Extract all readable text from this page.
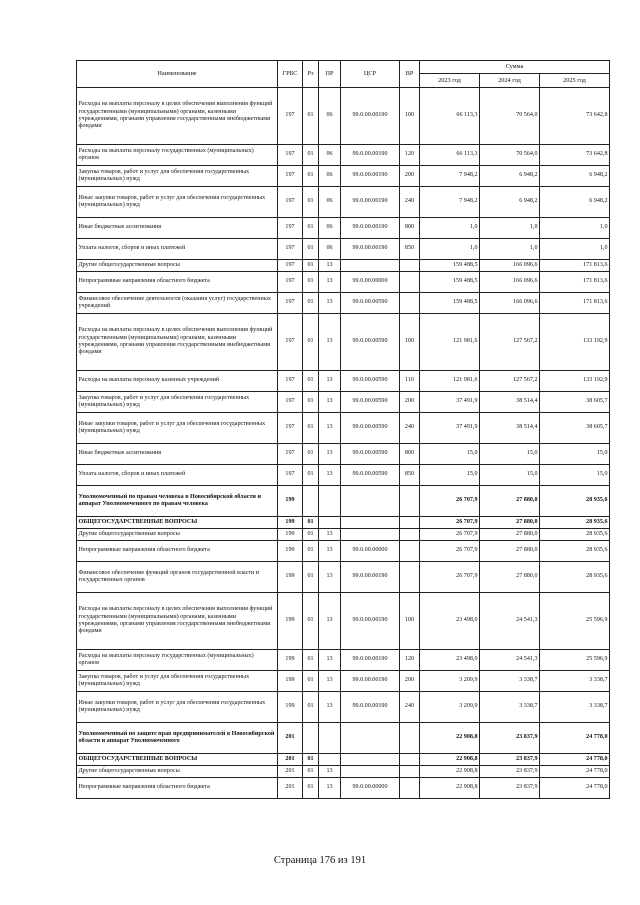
Наименование	ГРБС	Рз	ПР	ЦСР	ВР	Сумма		
						2023 год	2024 год	2025 год
Расходы на выплаты персоналу в целях обеспечения выполнения функций государственными (муниципальными) органами, казенными учреждениями, органами управления государственными внебюджетными фондами	197	01	06	99.0.00.00190	100	66 113,3	70 564,0	73 642,8
Расходы на выплаты персоналу государственных (муниципальных) органов	197	01	06	99.0.00.00190	120	66 113,3	70 564,0	73 642,8
Закупка товаров, работ и услуг для обеспечения государственных (муниципальных) нужд	197	01	06	99.0.00.00190	200	7 948,2	6 948,2	6 948,2
Иные закупки товаров, работ и услуг для обеспечения государственных (муниципальных) нужд	197	01	06	99.0.00.00190	240	7 948,2	6 948,2	6 948,2
Иные бюджетные ассигнования	197	01	06	99.0.00.00190	800	1,0	1,0	1,0
Уплата налогов, сборов и иных платежей	197	01	06	99.0.00.00190	850	1,0	1,0	1,0
Другие общегосударственные вопросы	197	01	13			159 488,5	166 096,6	171 813,6
Непрограммные направления областного бюджета	197	01	13	99.0.00.00000		159 488,5	166 096,6	171 813,6
Финансовое обеспечение деятельности (оказания услуг) государственных учреждений	197	01	13	99.0.00.00590		159 488,5	166 096,6	171 813,6
Расходы на выплаты персоналу в целях обеспечения выполнения функций государственными (муниципальными) органами, казенными учреждениями, органами управления государственными внебюджетными фондами	197	01	13	99.0.00.00590	100	121 981,6	127 567,2	133 192,9
Расходы на выплаты персоналу казенных учреждений	197	01	13	99.0.00.00590	110	121 981,6	127 567,2	133 192,9
Закупка товаров, работ и услуг для обеспечения государственных (муниципальных) нужд	197	01	13	99.0.00.00590	200	37 491,9	38 514,4	38 605,7
Иные закупки товаров, работ и услуг для обеспечения государственных (муниципальных) нужд	197	01	13	99.0.00.00590	240	37 491,9	38 514,4	38 605,7
Иные бюджетные ассигнования	197	01	13	99.0.00.00590	800	15,0	15,0	15,0
Уплата налогов, сборов и иных платежей	197	01	13	99.0.00.00590	850	15,0	15,0	15,0
Уполномоченный по правам человека в Новосибирской области и аппарат Уполномоченного по правам человека	199					26 707,9	27 880,0	28 935,6
ОБЩЕГОСУДАРСТВЕННЫЕ ВОПРОСЫ	199	01				26 707,9	27 880,0	28 935,6
Другие общегосударственные вопросы	199	01	13			26 707,9	27 880,0	28 935,6
Непрограммные направления областного бюджета	199	01	13	99.0.00.00000		26 707,9	27 880,0	28 935,6
Финансовое обеспечение функций органов государственной власти и государственных органов	199	01	13	99.0.00.00190		26 707,9	27 880,0	28 935,6
Расходы на выплаты персоналу в целях обеспечения выполнения функций государственными (муниципальными) органами, казенными учреждениями, органами управления государственными внебюджетными фондами	199	01	13	99.0.00.00190	100	23 498,0	24 541,3	25 596,9
Расходы на выплаты персоналу государственных (муниципальных) органов	199	01	13	99.0.00.00190	120	23 498,0	24 541,3	25 596,9
Закупка товаров, работ и услуг для обеспечения государственных (муниципальных) нужд	199	01	13	99.0.00.00190	200	3 209,9	3 338,7	3 338,7
Иные закупки товаров, работ и услуг для обеспечения государственных (муниципальных) нужд	199	01	13	99.0.00.00190	240	3 209,9	3 338,7	3 338,7
Уполномоченный по защите прав предпринимателей в Новосибирской области и аппарат Уполномоченного	201					22 908,8	23 837,9	24 778,0
ОБЩЕГОСУДАРСТВЕННЫЕ ВОПРОСЫ	201	01				22 908,8	23 837,9	24 778,0
Другие общегосударственные вопросы	201	01	13			22 908,8	23 837,9	24 778,0
Непрограммные направления областного бюджета	201	01	13	99.0.00.00000		22 908,8	23 837,9	24 778,0
Страница 176 из 191
